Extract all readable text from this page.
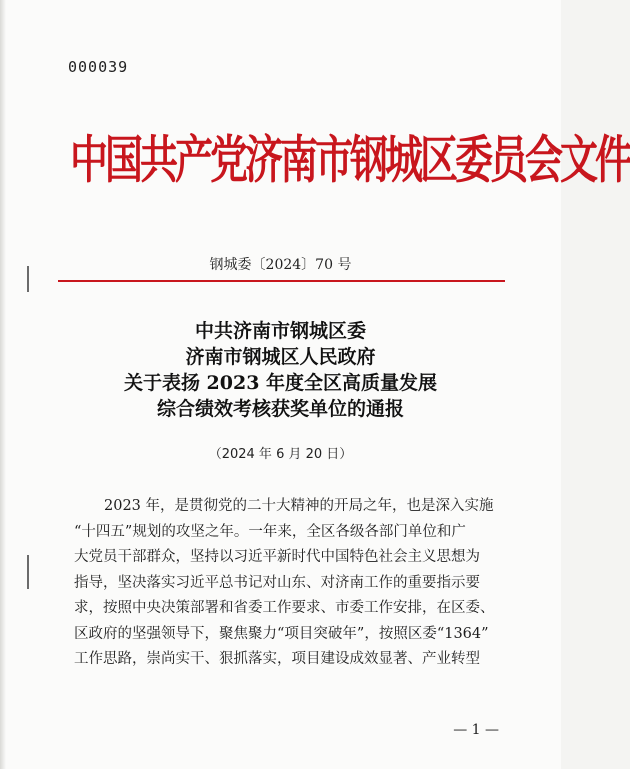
000039
中国共产党济南市钢城区委员会文件
钢城委〔2024〕70 号
中共济南市钢城区委
济南市钢城区人民政府
关于表扬 2023 年度全区高质量发展
综合绩效考核获奖单位的通报
（2024 年 6 月 20 日）
2023 年，是贯彻党的二十大精神的开局之年，也是深入实施
“十四五”规划的攻坚之年。一年来，全区各级各部门单位和广
大党员干部群众，坚持以习近平新时代中国特色社会主义思想为
指导，坚决落实习近平总书记对山东、对济南工作的重要指示要
求，按照中央决策部署和省委工作要求、市委工作安排，在区委、
区政府的坚强领导下，聚焦聚力“项目突破年”，按照区委“1364”
工作思路，崇尚实干、狠抓落实，项目建设成效显著、产业转型
— 1 —
